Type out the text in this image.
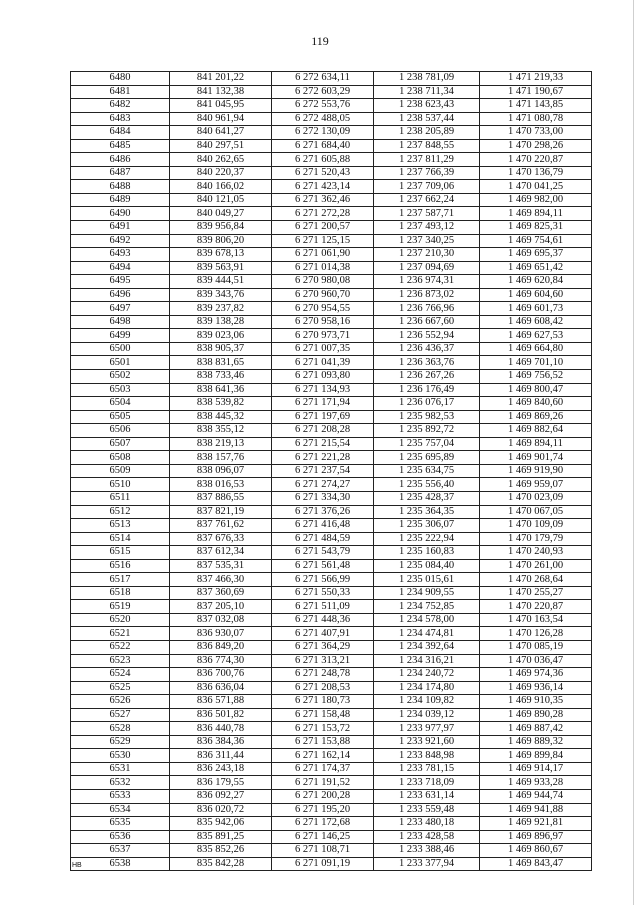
119
6480	841 201,22	6 272 634,11	1 238 781,09	1 471 219,33
6481	841 132,38	6 272 603,29	1 238 711,34	1 471 190,67
6482	841 045,95	6 272 553,76	1 238 623,43	1 471 143,85
6483	840 961,94	6 272 488,05	1 238 537,44	1 471 080,78
6484	840 641,27	6 272 130,09	1 238 205,89	1 470 733,00
6485	840 297,51	6 271 684,40	1 237 848,55	1 470 298,26
6486	840 262,65	6 271 605,88	1 237 811,29	1 470 220,87
6487	840 220,37	6 271 520,43	1 237 766,39	1 470 136,79
6488	840 166,02	6 271 423,14	1 237 709,06	1 470 041,25
6489	840 121,05	6 271 362,46	1 237 662,24	1 469 982,00
6490	840 049,27	6 271 272,28	1 237 587,71	1 469 894,11
6491	839 956,84	6 271 200,57	1 237 493,12	1 469 825,31
6492	839 806,20	6 271 125,15	1 237 340,25	1 469 754,61
6493	839 678,13	6 271 061,90	1 237 210,30	1 469 695,37
6494	839 563,91	6 271 014,38	1 237 094,69	1 469 651,42
6495	839 444,51	6 270 980,08	1 236 974,31	1 469 620,84
6496	839 343,76	6 270 960,70	1 236 873,02	1 469 604,60
6497	839 237,82	6 270 954,55	1 236 766,96	1 469 601,73
6498	839 138,28	6 270 958,16	1 236 667,60	1 469 608,42
6499	839 023,06	6 270 973,71	1 236 552,94	1 469 627,53
6500	838 905,37	6 271 007,35	1 236 436,37	1 469 664,80
6501	838 831,65	6 271 041,39	1 236 363,76	1 469 701,10
6502	838 733,46	6 271 093,80	1 236 267,26	1 469 756,52
6503	838 641,36	6 271 134,93	1 236 176,49	1 469 800,47
6504	838 539,82	6 271 171,94	1 236 076,17	1 469 840,60
6505	838 445,32	6 271 197,69	1 235 982,53	1 469 869,26
6506	838 355,12	6 271 208,28	1 235 892,72	1 469 882,64
6507	838 219,13	6 271 215,54	1 235 757,04	1 469 894,11
6508	838 157,76	6 271 221,28	1 235 695,89	1 469 901,74
6509	838 096,07	6 271 237,54	1 235 634,75	1 469 919,90
6510	838 016,53	6 271 274,27	1 235 556,40	1 469 959,07
6511	837 886,55	6 271 334,30	1 235 428,37	1 470 023,09
6512	837 821,19	6 271 376,26	1 235 364,35	1 470 067,05
6513	837 761,62	6 271 416,48	1 235 306,07	1 470 109,09
6514	837 676,33	6 271 484,59	1 235 222,94	1 470 179,79
6515	837 612,34	6 271 543,79	1 235 160,83	1 470 240,93
6516	837 535,31	6 271 561,48	1 235 084,40	1 470 261,00
6517	837 466,30	6 271 566,99	1 235 015,61	1 470 268,64
6518	837 360,69	6 271 550,33	1 234 909,55	1 470 255,27
6519	837 205,10	6 271 511,09	1 234 752,85	1 470 220,87
6520	837 032,08	6 271 448,36	1 234 578,00	1 470 163,54
6521	836 930,07	6 271 407,91	1 234 474,81	1 470 126,28
6522	836 849,20	6 271 364,29	1 234 392,64	1 470 085,19
6523	836 774,30	6 271 313,21	1 234 316,21	1 470 036,47
6524	836 700,76	6 271 248,78	1 234 240,72	1 469 974,36
6525	836 636,04	6 271 208,53	1 234 174,80	1 469 936,14
6526	836 571,88	6 271 180,73	1 234 109,82	1 469 910,35
6527	836 501,82	6 271 158,48	1 234 039,12	1 469 890,28
6528	836 440,78	6 271 153,72	1 233 977,97	1 469 887,42
6529	836 384,36	6 271 153,88	1 233 921,60	1 469 889,32
6530	836 311,44	6 271 162,14	1 233 848,98	1 469 899,84
6531	836 243,18	6 271 174,37	1 233 781,15	1 469 914,17
6532	836 179,55	6 271 191,52	1 233 718,09	1 469 933,28
6533	836 092,27	6 271 200,28	1 233 631,14	1 469 944,74
6534	836 020,72	6 271 195,20	1 233 559,48	1 469 941,88
6535	835 942,06	6 271 172,68	1 233 480,18	1 469 921,81
6536	835 891,25	6 271 146,25	1 233 428,58	1 469 896,97
6537	835 852,26	6 271 108,71	1 233 388,46	1 469 860,67
6538	835 842,28	6 271 091,19	1 233 377,94	1 469 843,47
НВ
